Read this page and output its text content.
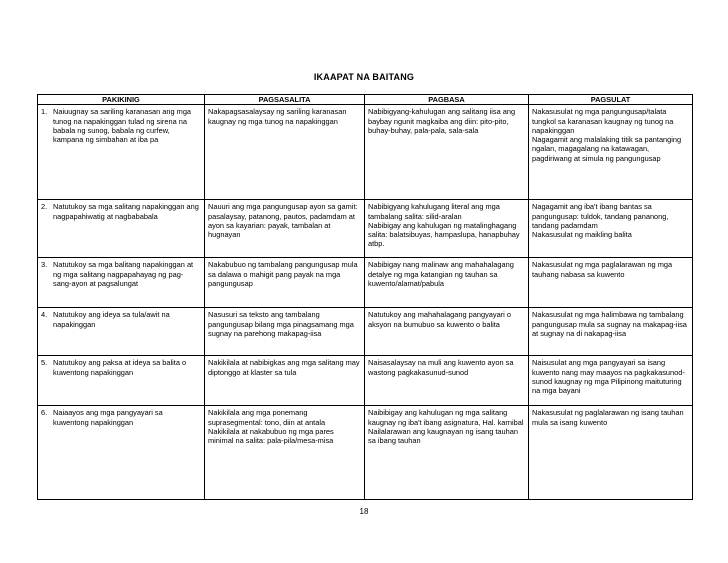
IKAAPAT NA BAITANG
PAKIKINIG	PAGSASALITA	PAGBASA	PAGSULAT
1. Naiuugnay sa sariling karanasan ang mga tunog na napakinggan tulad ng sirena na babala ng sunog, babala ng curfew, kampana ng simbahan at iba pa	Nakapagsasalaysay ng sariling karanasan kaugnay ng mga tunog na napakinggan	Nabibigyang-kahulugan ang salitang iisa ang baybay ngunit magkaiba ang diin: pito-pito, buhay-buhay, pala-pala, sala-sala	Nakasusulat ng mga pangungusap/talata tungkol sa karanasan kaugnay ng tunog na napakinggan
Nagagamit ang malalaking titik sa pantanging ngalan, magagalang na katawagan, pagdiriwang at simula ng pangungusap
2. Natutukoy sa mga salitang napakinggan ang nagpapahiwatig at nagbababala	Nauuri ang mga pangungusap ayon sa gamit: pasalaysay, patanong, pautos, padamdam at ayon sa kayarian: payak, tambalan at hugnayan	Nabibigyang kahulugang literal ang mga tambalang salita: silid-aralan
Nabibigay ang kahulugan ng matalinghagang salita: balatsibuyas, hampaslupa, hanapbuhay atbp.	Nagagamit ang iba't ibang bantas sa pangungusap: tuldok, tandang pananong, tandang padamdam
Nakasusulat ng maikling balita
3. Natutukoy sa mga balitang napakinggan at ng mga salitang nagpapahayag ng pag-sang-ayon at pagsalungat	Nakabubuo ng tambalang pangungusap mula sa dalawa o mahigit pang payak na mga pangungusap	Nabibigay nang malinaw ang mahahalagang detalye ng mga katangian ng tauhan sa kuwento/alamat/pabula	Nakasusulat ng mga paglalarawan ng mga tauhang nabasa sa kuwento
4. Natutukoy ang ideya sa tula/awit na napakinggan	Nasusuri sa teksto ang tambalang pangungusap bilang mga pinagsamang mga sugnay na parehong makapag-iisa	Natutukoy ang mahahalagang pangyayari o aksyon na bumubuo sa kuwento o balita	Nakasusulat ng mga halimbawa ng tambalang pangungusap mula sa sugnay na makapag-iisa at sugnay na di nakapag-iisa
5. Natutukoy ang paksa at ideya sa balita o kuwentong napakinggan	Nakikilala at nabibigkas ang mga salitang may diptonggo at klaster sa tula	Naisasalaysay na muli ang kuwento ayon sa wastong pagkakasunud-sunod	Naisusulat ang mga pangyayari sa isang kuwento nang may maayos na pagkakasunod-sunod kaugnay ng mga Pilipinong maituturing na mga bayani
6. Naiaayos ang mga pangyayari sa kuwentong napakinggan	Nakikilala ang mga ponemang suprasegmental: tono, diin at antala
Nakikilala at nakabubuo ng mga pares minimal na salita: pala-pila/mesa-misa	Naibibigay ang kahulugan ng mga salitang kaugnay ng iba't ibang asignatura, Hal. karnibal
Nailalarawan ang kaugnayan ng isang tauhan sa ibang tauhan	Nakasusulat ng paglalarawan ng isang tauhan mula sa isang kuwento
18
